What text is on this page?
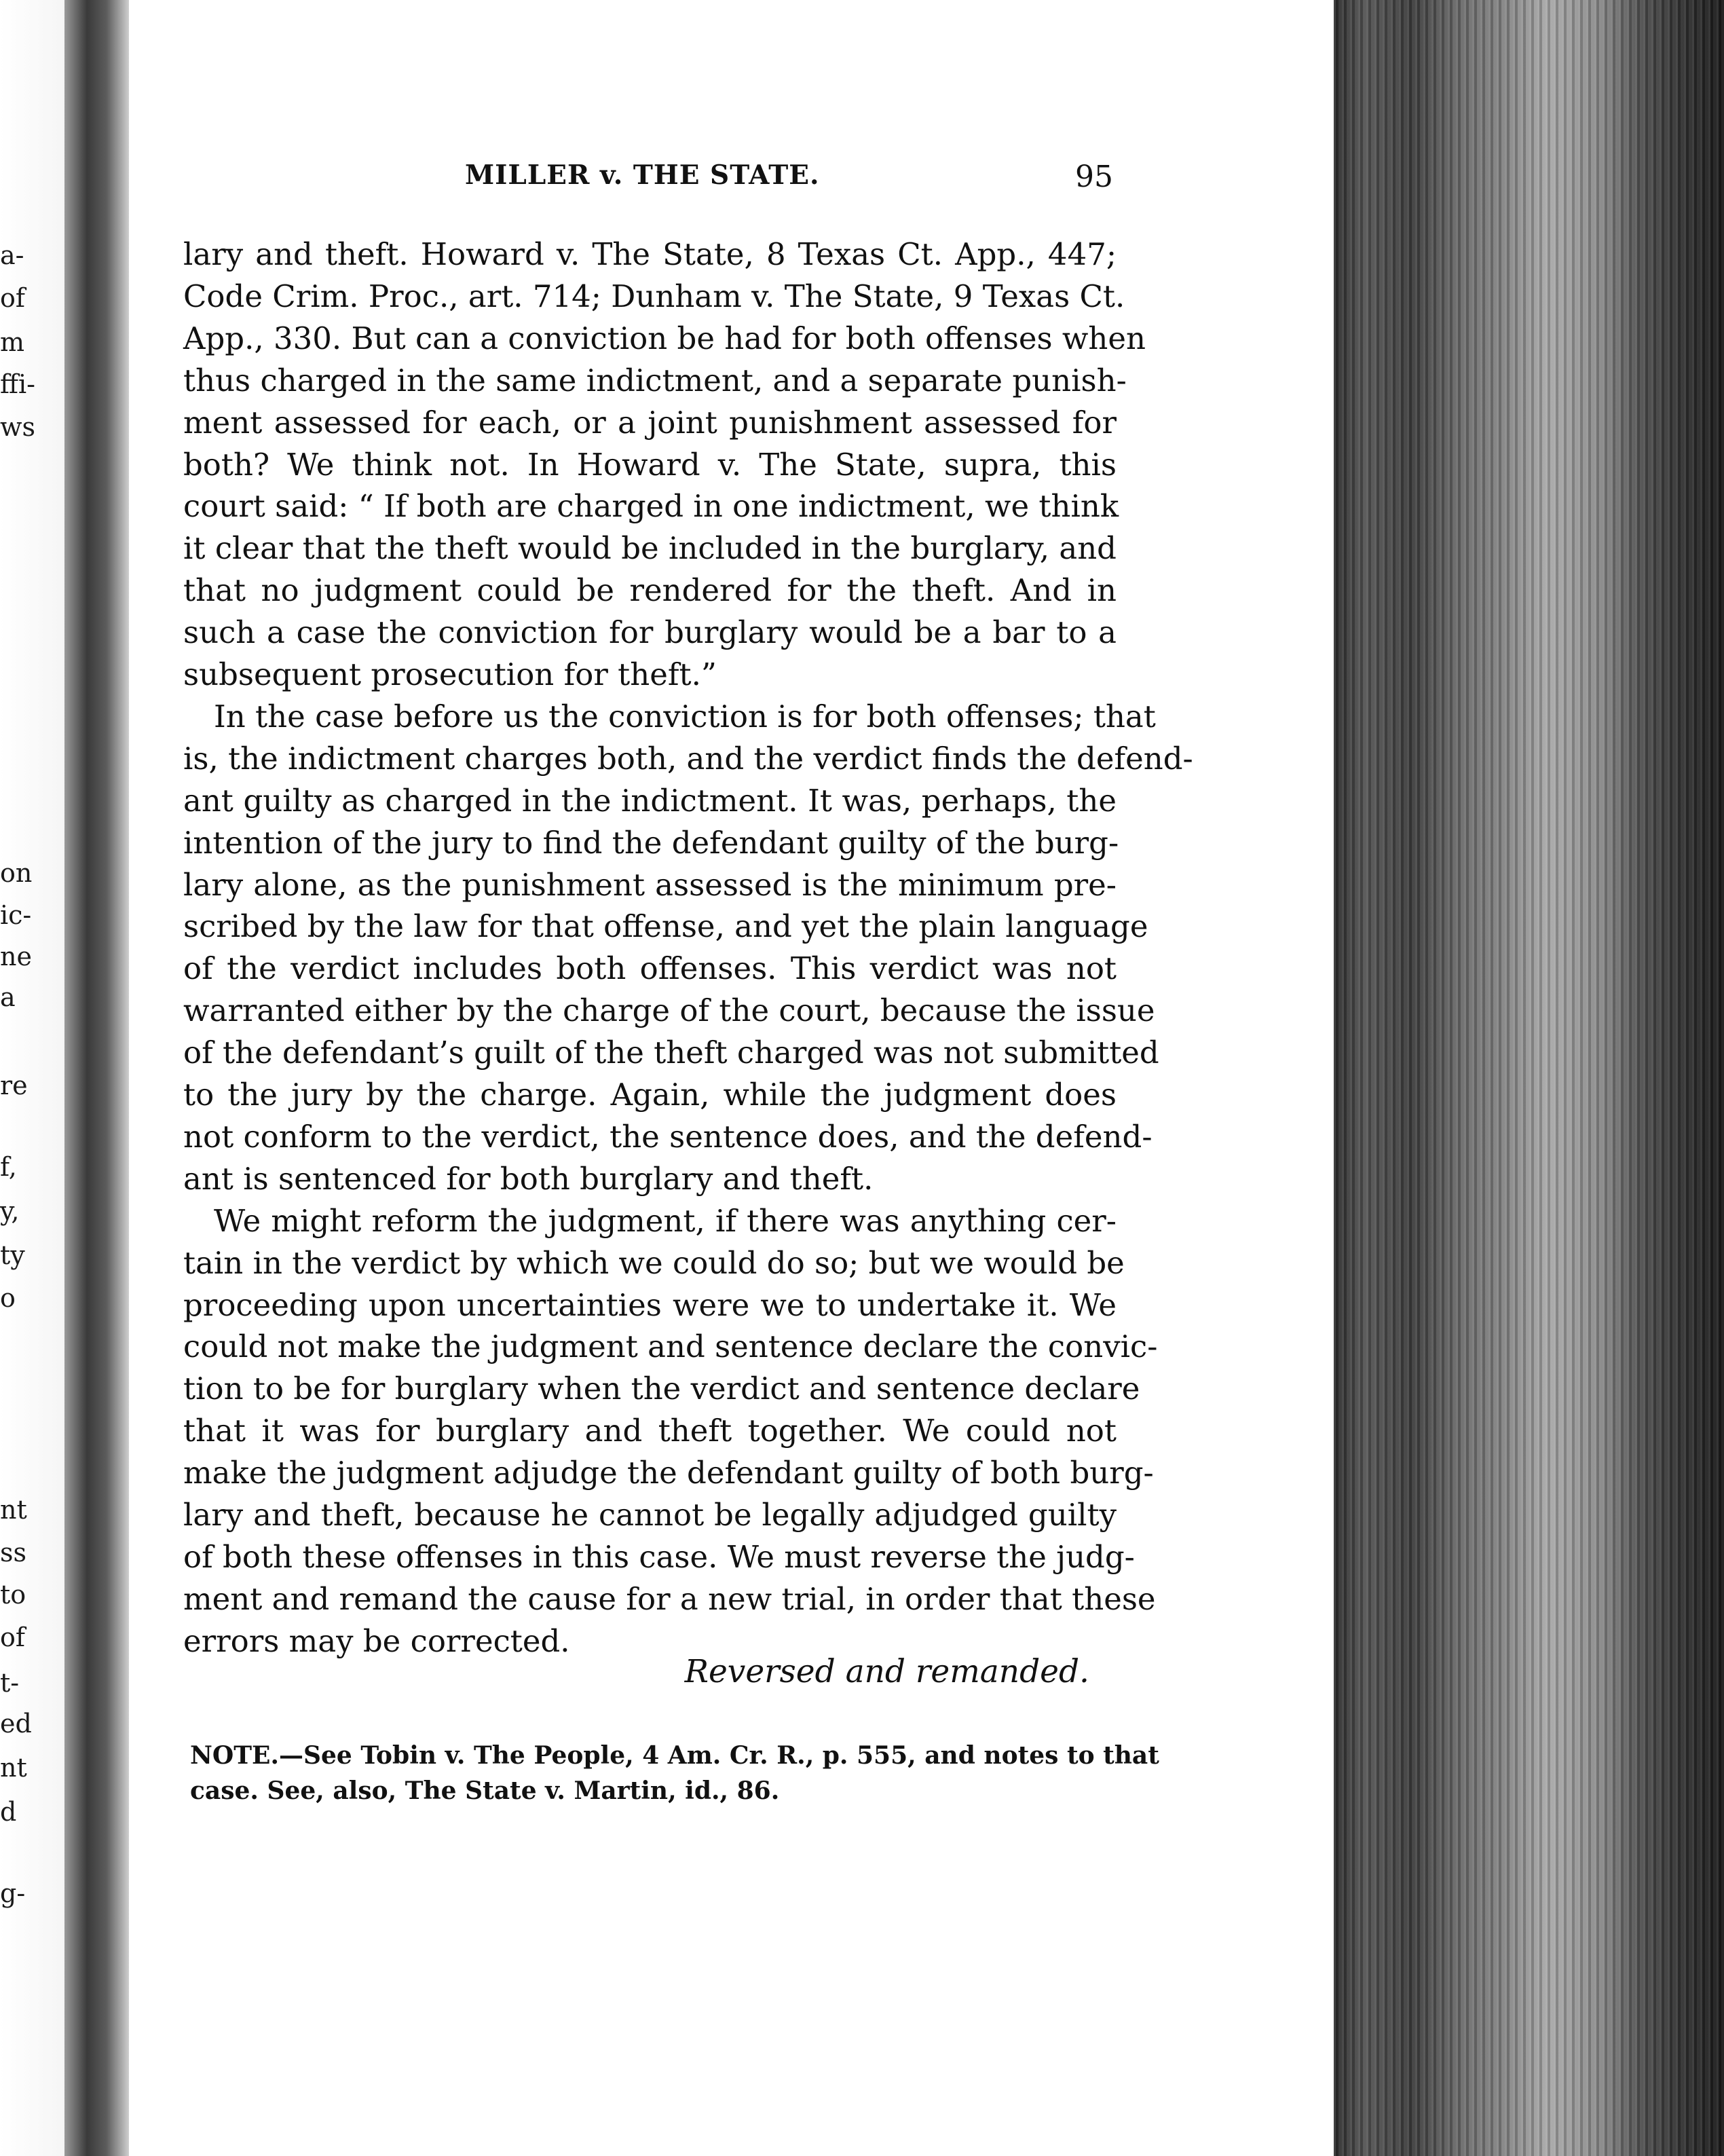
a-
of
m
ffi-
ws
on
ic-
ne
a
re
f,
y,
ty
o
nt
ss
to
of
t-
ed
nt
d
g-
MILLER v. THE STATE.	95
lary and theft. Howard v. The State, 8 Texas Ct. App., 447;
Code Crim. Proc., art. 714; Dunham v. The State, 9 Texas Ct.
App., 330. But can a conviction be had for both offenses when
thus charged in the same indictment, and a separate punish-
ment assessed for each, or a joint punishment assessed for
both? We think not. In Howard v. The State, supra, this
court said: “ If both are charged in one indictment, we think
it clear that the theft would be included in the burglary, and
that no judgment could be rendered for the theft. And in
such a case the conviction for burglary would be a bar to a
subsequent prosecution for theft.”
In the case before us the conviction is for both offenses; that
is, the indictment charges both, and the verdict finds the defend-
ant guilty as charged in the indictment. It was, perhaps, the
intention of the jury to find the defendant guilty of the burg-
lary alone, as the punishment assessed is the minimum pre-
scribed by the law for that offense, and yet the plain language
of the verdict includes both offenses. This verdict was not
warranted either by the charge of the court, because the issue
of the defendant’s guilt of the theft charged was not submitted
to the jury by the charge. Again, while the judgment does
not conform to the verdict, the sentence does, and the defend-
ant is sentenced for both burglary and theft.
We might reform the judgment, if there was anything cer-
tain in the verdict by which we could do so; but we would be
proceeding upon uncertainties were we to undertake it. We
could not make the judgment and sentence declare the convic-
tion to be for burglary when the verdict and sentence declare
that it was for burglary and theft together. We could not
make the judgment adjudge the defendant guilty of both burg-
lary and theft, because he cannot be legally adjudged guilty
of both these offenses in this case. We must reverse the judg-
ment and remand the cause for a new trial, in order that these
errors may be corrected.
Reversed and remanded.
NOTE.—See Tobin v. The People, 4 Am. Cr. R., p. 555, and notes to that
case. See, also, The State v. Martin, id., 86.
